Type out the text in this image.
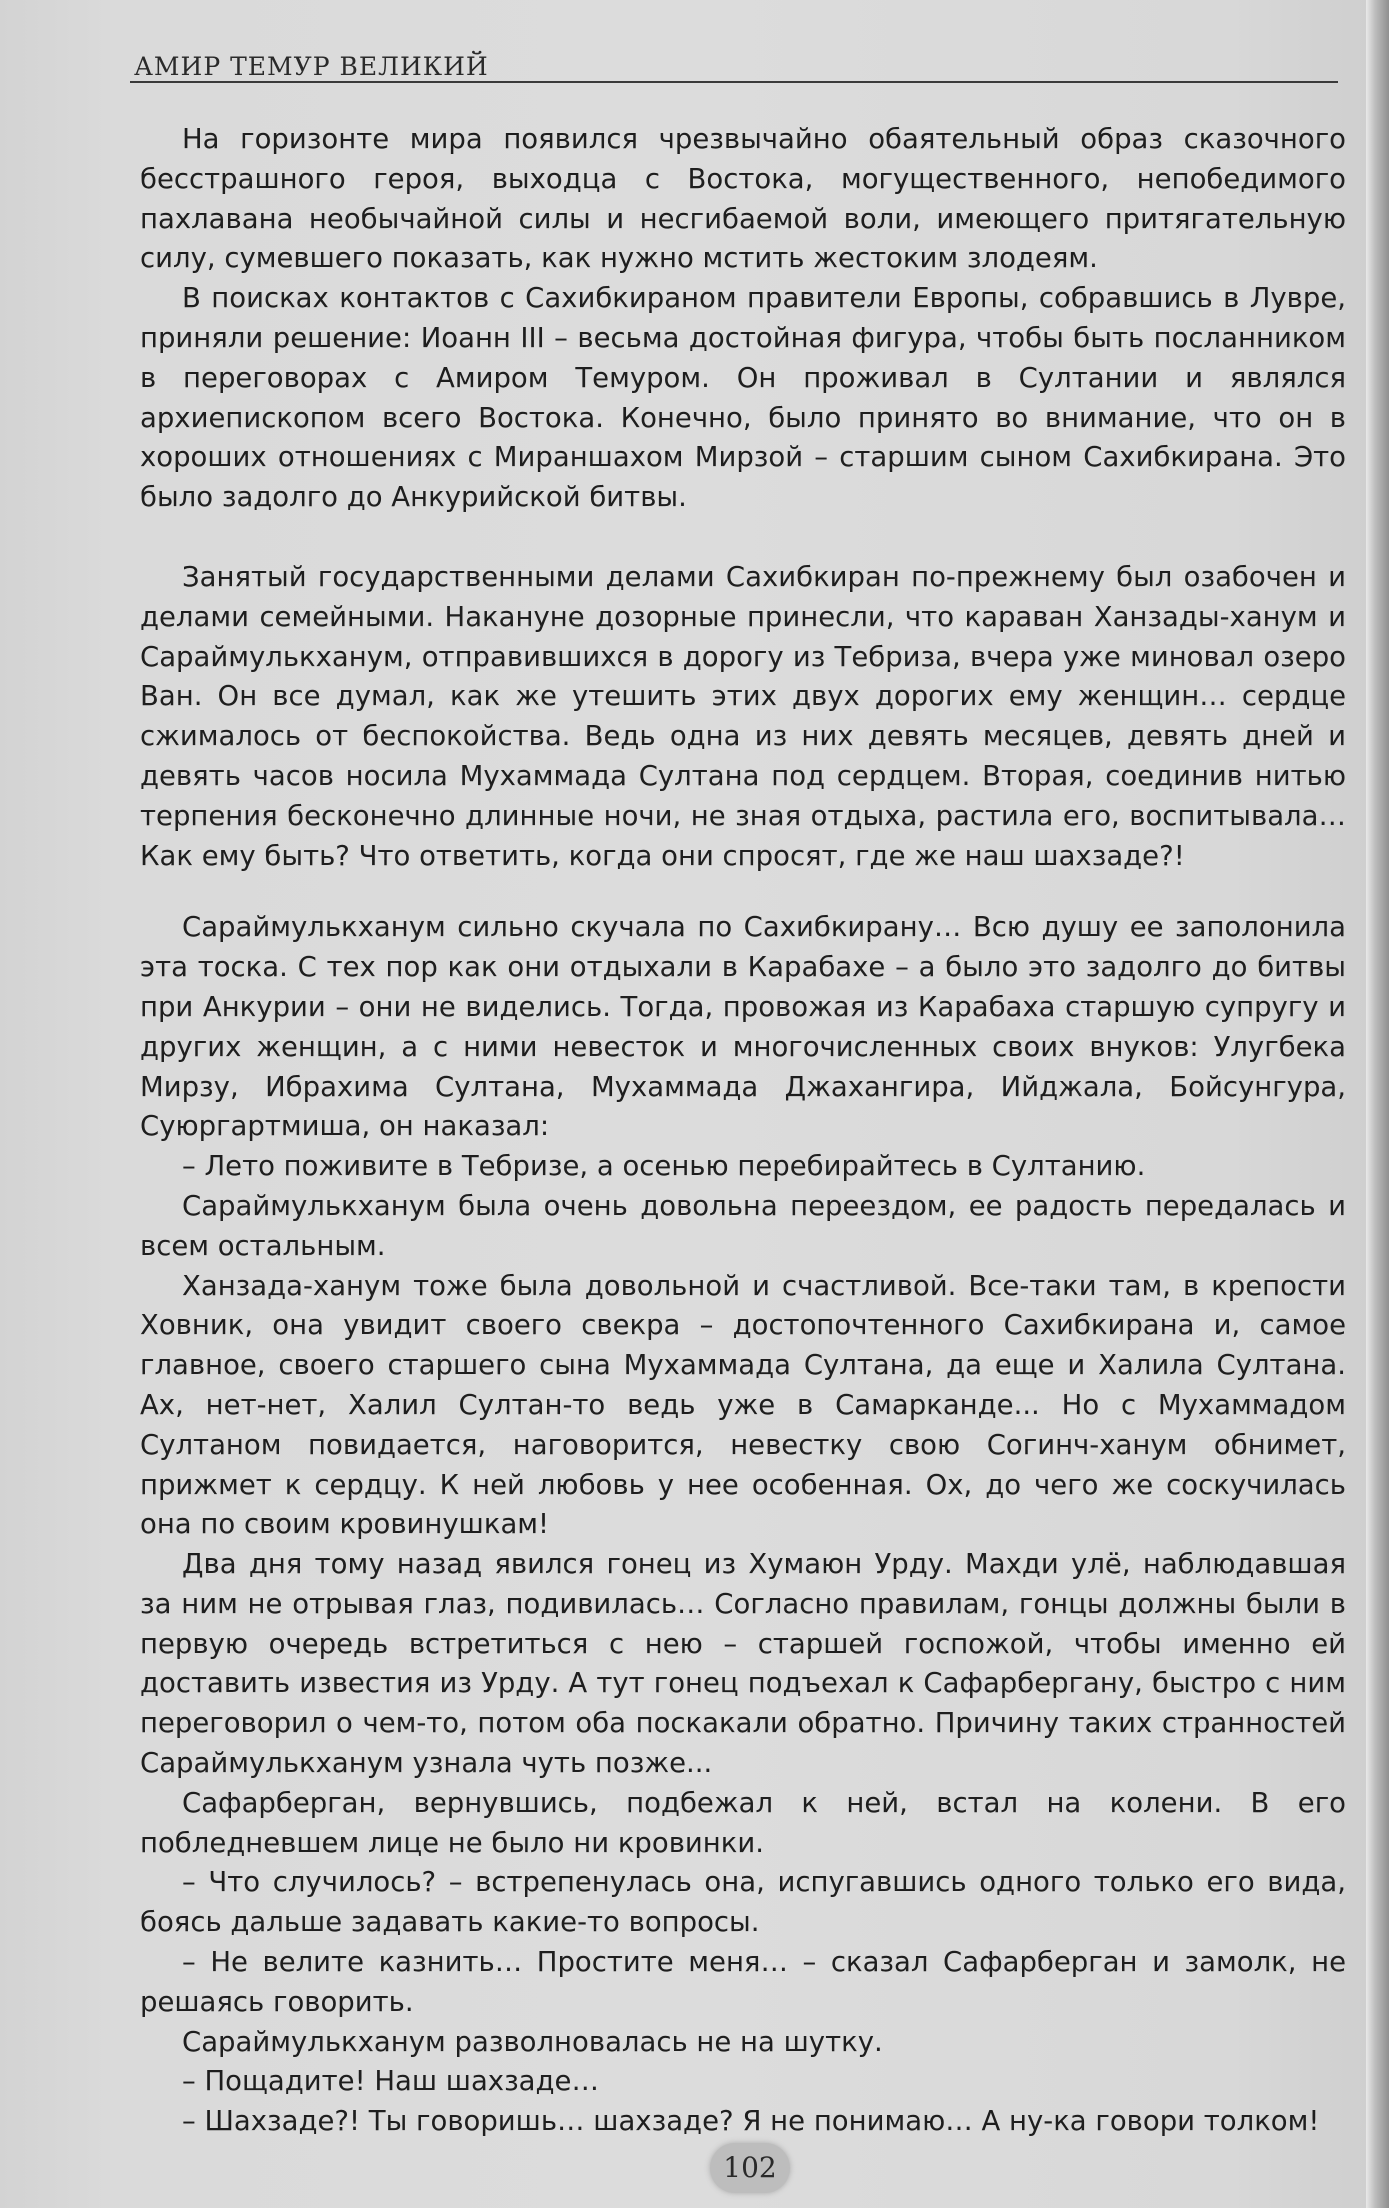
АМИР ТЕМУР ВЕЛИКИЙ

На горизонте мира появился чрезвычайно обаятельный образ сказочного бесстрашного героя, выходца с Востока, могущественного, непобедимого пахлавана необычайной силы и несгибаемой воли, имеющего притягательную силу, сумевшего показать, как нужно мстить жестоким злодеям.

В поисках контактов с Сахибкираном правители Европы, собравшись в Лувре, приняли решение: Иоанн III – весьма достойная фигура, чтобы быть посланником в переговорах с Амиром Темуром. Он проживал в Султании и являлся архиепископом всего Востока. Конечно, было принято во внимание, что он в хороших отношениях с Мираншахом Мирзой – старшим сыном Сахибкирана. Это было задолго до Анкурийской битвы.

Занятый государственными делами Сахибкиран по-прежнему был озабочен и делами семейными. Накануне дозорные принесли, что караван Ханзады-ханум и Сараймулькханум, отправившихся в дорогу из Тебриза, вчера уже миновал озеро Ван. Он все думал, как же утешить этих двух дорогих ему женщин… сердце сжималось от беспокойства. Ведь одна из них девять месяцев, девять дней и девять часов носила Мухаммада Султана под сердцем. Вторая, соединив нитью терпения бесконечно длинные ночи, не зная отдыха, растила его, воспитывала… Как ему быть? Что ответить, когда они спросят, где же наш шахзаде?!

Сараймулькханум сильно скучала по Сахибкирану… Всю душу ее заполонила эта тоска. С тех пор как они отдыхали в Карабахе – а было это задолго до битвы при Анкурии – они не виделись. Тогда, провожая из Карабаха старшую супругу и других женщин, а с ними невесток и многочисленных своих внуков: Улугбека Мирзу, Ибрахима Султана, Мухаммада Джахангира, Ийджала, Бойсунгура, Суюргартмиша, он наказал:

– Лето поживите в Тебризе, а осенью перебирайтесь в Султанию.

Сараймулькханум была очень довольна переездом, ее радость передалась и всем остальным.

Ханзада-ханум тоже была довольной и счастливой. Все-таки там, в крепости Ховник, она увидит своего свекра – достопочтенного Сахибкирана и, самое главное, своего старшего сына Мухаммада Султана, да еще и Халила Султана. Ах, нет-нет, Халил Султан-то ведь уже в Самарканде... Но с Мухаммадом Султаном повидается, наговорится, невестку свою Согинч-ханум обнимет, прижмет к сердцу. К ней любовь у нее особенная. Ох, до чего же соскучилась она по своим кровинушкам!

Два дня тому назад явился гонец из Хумаюн Урду. Махди улё, наблюдавшая за ним не отрывая глаз, подивилась… Согласно правилам, гонцы должны были в первую очередь встретиться с нею – старшей госпожой, чтобы именно ей доставить известия из Урду. А тут гонец подъехал к Сафарбергану, быстро с ним переговорил о чем-то, потом оба поскакали обратно. Причину таких странностей Сараймулькханум узнала чуть позже...

Сафарберган, вернувшись, подбежал к ней, встал на колени. В его побледневшем лице не было ни кровинки.

– Что случилось? – встрепенулась она, испугавшись одного только его вида, боясь дальше задавать какие-то вопросы.

– Не велите казнить… Простите меня… – сказал Сафарберган и замолк, не решаясь говорить.

Сараймулькханум разволновалась не на шутку.

– Пощадите! Наш шахзаде…

– Шахзаде?! Ты говоришь… шахзаде? Я не понимаю… А ну-ка говори толком!

102
